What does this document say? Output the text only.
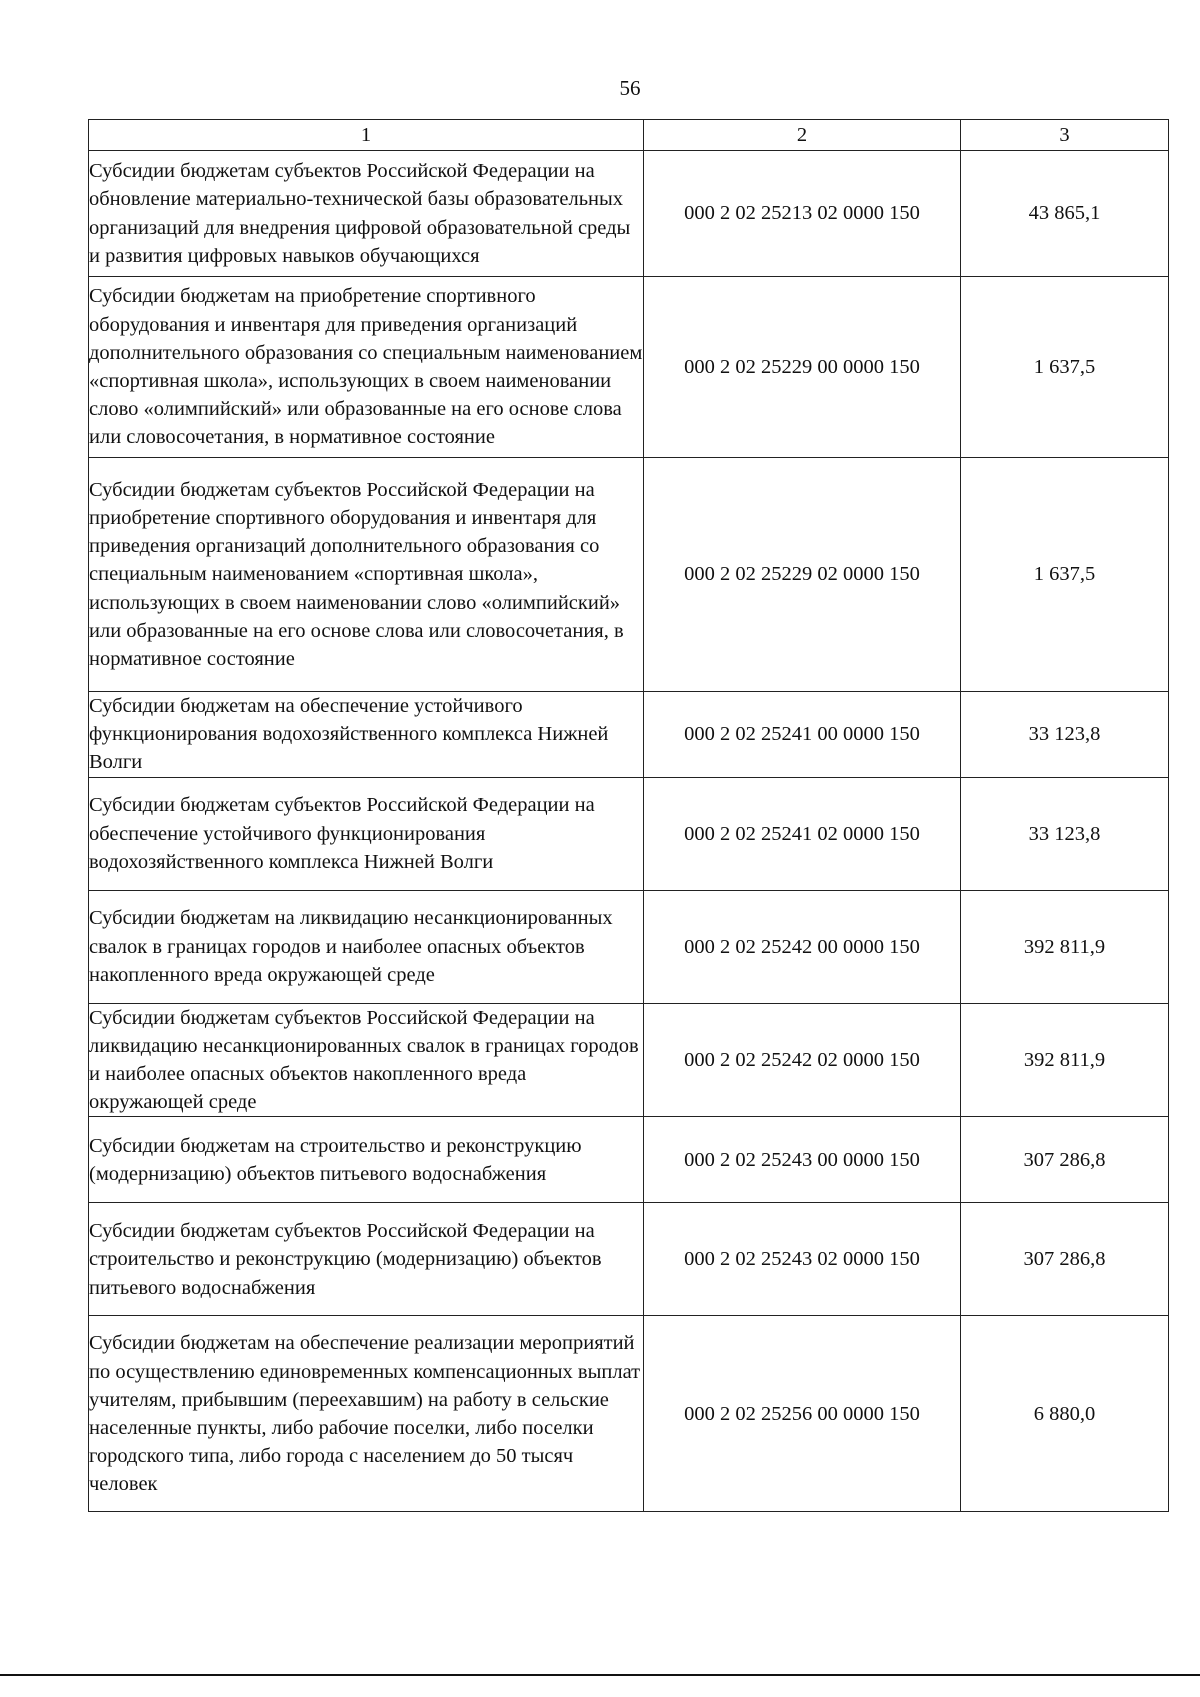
56
1	2	3
Субсидии бюджетам субъектов Российской Федерации на обновление материально-технической базы образовательных организаций для внедрения цифровой образовательной среды и развития цифровых навыков обучающихся	000 2 02 25213 02 0000 150	43 865,1
Субсидии бюджетам на приобретение спортивного оборудования и инвентаря для приведения организаций дополнительного образования со специальным наименованием «спортивная школа», использующих в своем наименовании слово «олимпийский» или образованные на его основе слова или словосочетания, в нормативное состояние	000 2 02 25229 00 0000 150	1 637,5
Субсидии бюджетам субъектов Российской Федерации на приобретение спортивного оборудования и инвентаря для приведения организаций дополнительного образования со специальным наименованием «спортивная школа», использующих в своем наименовании слово «олимпийский» или образованные на его основе слова или словосочетания, в нормативное состояние	000 2 02 25229 02 0000 150	1 637,5
Субсидии бюджетам на обеспечение устойчивого функционирования водохозяйственного комплекса Нижней Волги	000 2 02 25241 00 0000 150	33 123,8
Субсидии бюджетам субъектов Российской Федерации на обеспечение устойчивого функционирования водохозяйственного комплекса Нижней Волги	000 2 02 25241 02 0000 150	33 123,8
Субсидии бюджетам на ликвидацию несанкционированных свалок в границах городов и наиболее опасных объектов накопленного вреда окружающей среде	000 2 02 25242 00 0000 150	392 811,9
Субсидии бюджетам субъектов Российской Федерации на ликвидацию несанкционированных свалок в границах городов и наиболее опасных объектов накопленного вреда окружающей среде	000 2 02 25242 02 0000 150	392 811,9
Субсидии бюджетам на строительство и реконструкцию (модернизацию) объектов питьевого водоснабжения	000 2 02 25243 00 0000 150	307 286,8
Субсидии бюджетам субъектов Российской Федерации на строительство и реконструкцию (модернизацию) объектов питьевого водоснабжения	000 2 02 25243 02 0000 150	307 286,8
Субсидии бюджетам на обеспечение реализации мероприятий по осуществлению единовременных компенсационных выплат учителям, прибывшим (переехавшим) на работу в сельские населенные пункты, либо рабочие поселки, либо поселки городского типа, либо города с населением до 50 тысяч человек	000 2 02 25256 00 0000 150	6 880,0
